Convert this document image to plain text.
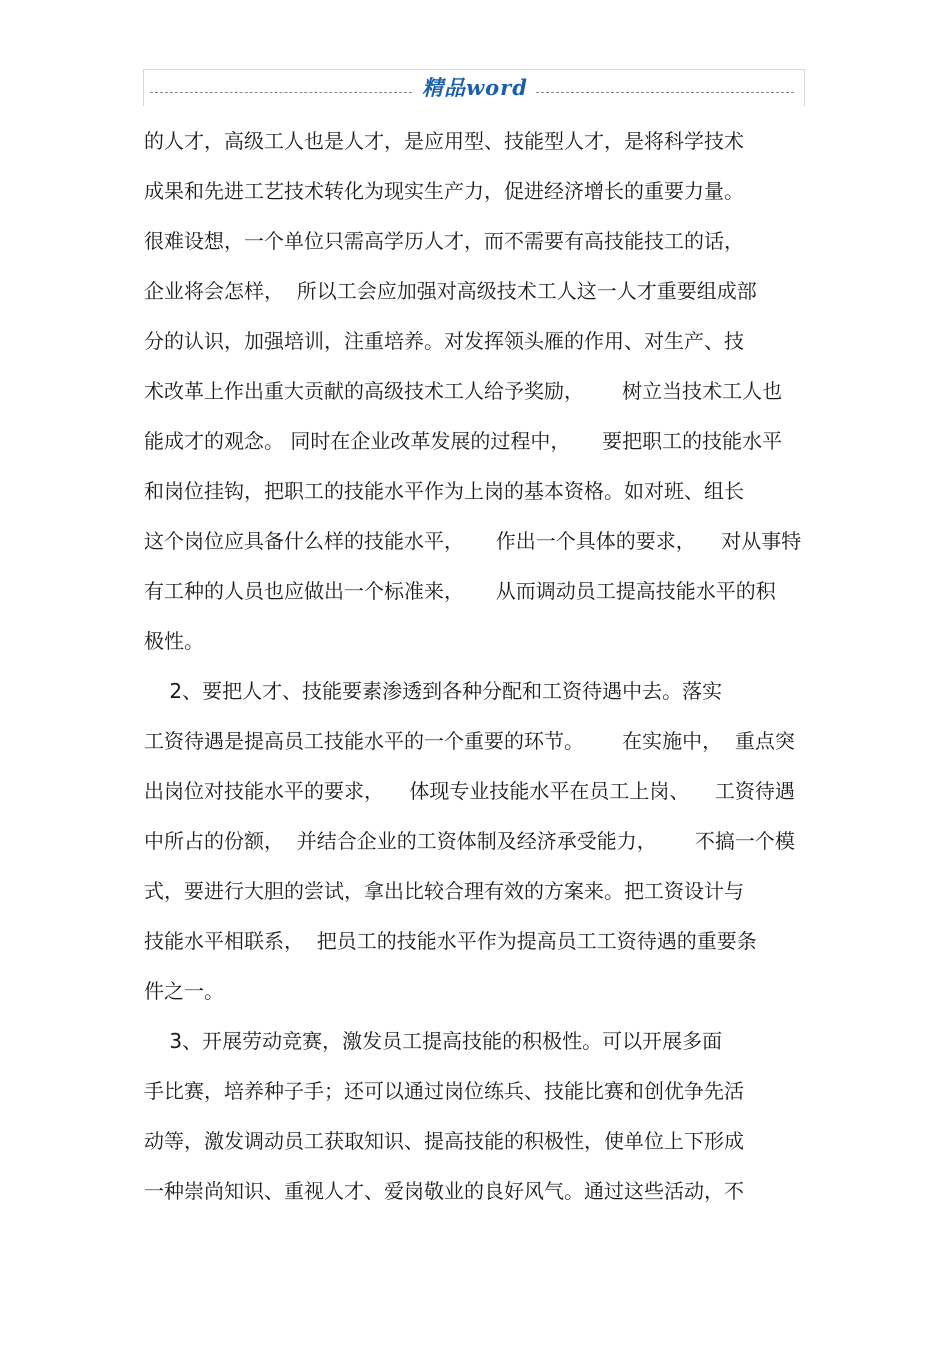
精品word
的人才，高级工人也是人才，是应用型、技能型人才，是将科学技术
成果和先进工艺技术转化为现实生产力，促进经济增长的重要力量。
很难设想，一个单位只需高学历人才，而不需要有高技能技工的话，
企业将会怎样，  所以工会应加强对高级技术工人这一人才重要组成部
分的认识，加强培训，注重培养。对发挥领头雁的作用、对生产、技
术改革上作出重大贡献的高级技术工人给予奖励，      树立当技术工人也
能成才的观念。 同时在企业改革发展的过程中，     要把职工的技能水平
和岗位挂钩，把职工的技能水平作为上岗的基本资格。如对班、组长
这个岗位应具备什么样的技能水平，     作出一个具体的要求，    对从事特
有工种的人员也应做出一个标准来，     从而调动员工提高技能水平的积
极性。
2、要把人才、技能要素渗透到各种分配和工资待遇中去。落实
工资待遇是提高员工技能水平的一个重要的环节。      在实施中，  重点突
出岗位对技能水平的要求，    体现专业技能水平在员工上岗、    工资待遇
中所占的份额，  并结合企业的工资体制及经济承受能力，      不搞一个模
式，要进行大胆的尝试，拿出比较合理有效的方案来。把工资设计与
技能水平相联系，  把员工的技能水平作为提高员工工资待遇的重要条
件之一。
3、开展劳动竞赛，激发员工提高技能的积极性。可以开展多面
手比赛，培养种子手；还可以通过岗位练兵、技能比赛和创优争先活
动等，激发调动员工获取知识、提高技能的积极性，使单位上下形成
一种崇尚知识、重视人才、爱岗敬业的良好风气。通过这些活动，不
